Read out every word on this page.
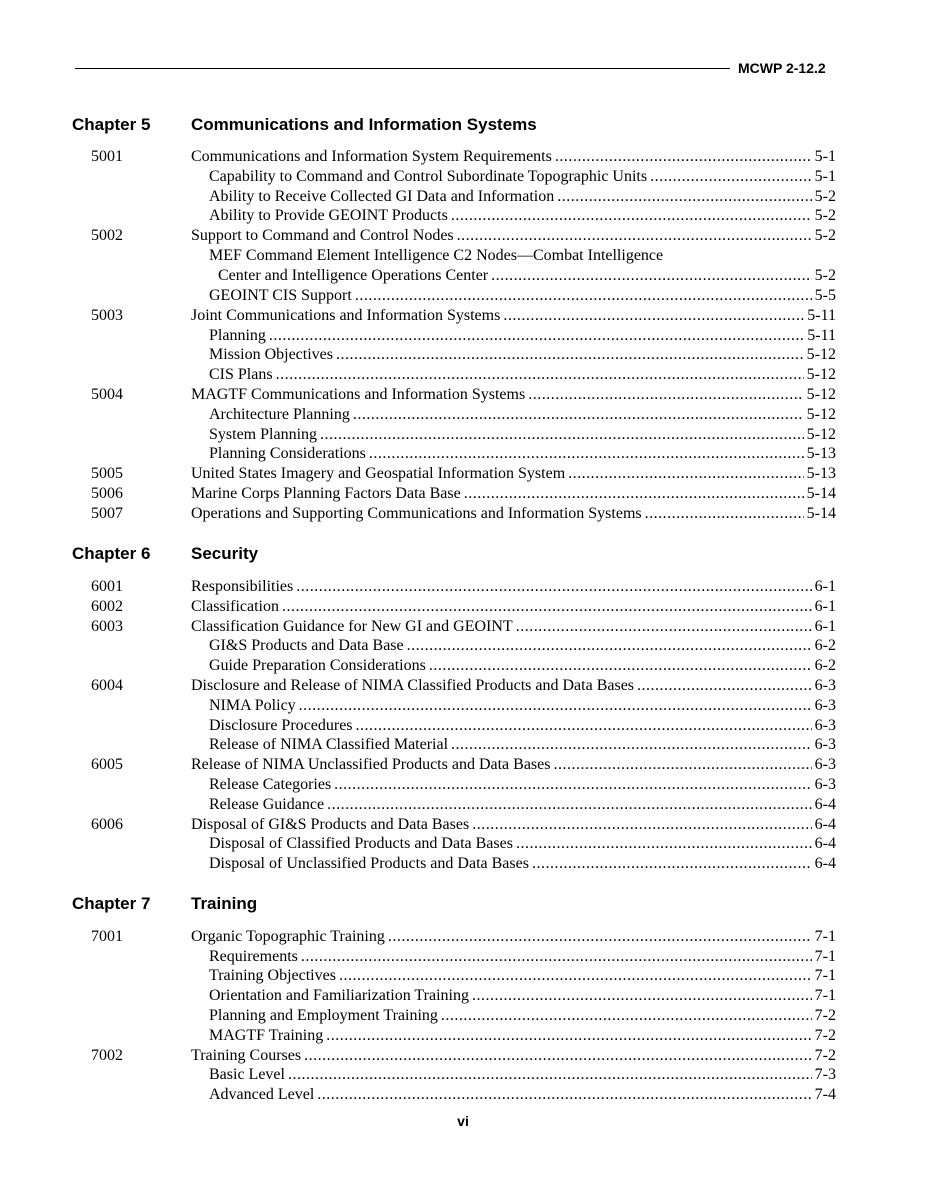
MCWP 2-12.2
Chapter 5 Communications and Information Systems
5001	Communications and Information System Requirements .....	5-1
Capability to Command and Control Subordinate Topographic Units .....	5-1
Ability to Receive Collected GI Data and Information .....	5-2
Ability to Provide GEOINT Products .....	5-2
5002	Support to Command and Control Nodes .....	5-2
MEF Command Element Intelligence C2 Nodes—Combat Intelligence
Center and Intelligence Operations Center .....	5-2
GEOINT CIS Support .....	5-5
5003	Joint Communications and Information Systems .....	5-11
Planning .....	5-11
Mission Objectives .....	5-12
CIS Plans .....	5-12
5004	MAGTF Communications and Information Systems .....	5-12
Architecture Planning .....	5-12
System Planning .....	5-12
Planning Considerations .....	5-13
5005	United States Imagery and Geospatial Information System .....	5-13
5006	Marine Corps Planning Factors Data Base .....	5-14
5007	Operations and Supporting Communications and Information Systems .....	5-14
Chapter 6 Security
6001	Responsibilities .....	6-1
6002	Classification .....	6-1
6003	Classification Guidance for New GI and GEOINT .....	6-1
GI&S Products and Data Base .....	6-2
Guide Preparation Considerations .....	6-2
6004	Disclosure and Release of NIMA Classified Products and Data Bases .....	6-3
NIMA Policy .....	6-3
Disclosure Procedures .....	6-3
Release of NIMA Classified Material .....	6-3
6005	Release of NIMA Unclassified Products and Data Bases .....	6-3
Release Categories .....	6-3
Release Guidance .....	6-4
6006	Disposal of GI&S Products and Data Bases .....	6-4
Disposal of Classified Products and Data Bases .....	6-4
Disposal of Unclassified Products and Data Bases .....	6-4
Chapter 7 Training
7001	Organic Topographic Training .....	7-1
Requirements .....	7-1
Training Objectives .....	7-1
Orientation and Familiarization Training .....	7-1
Planning and Employment Training .....	7-2
MAGTF Training .....	7-2
7002	Training Courses .....	7-2
Basic Level .....	7-3
Advanced Level .....	7-4
vi
